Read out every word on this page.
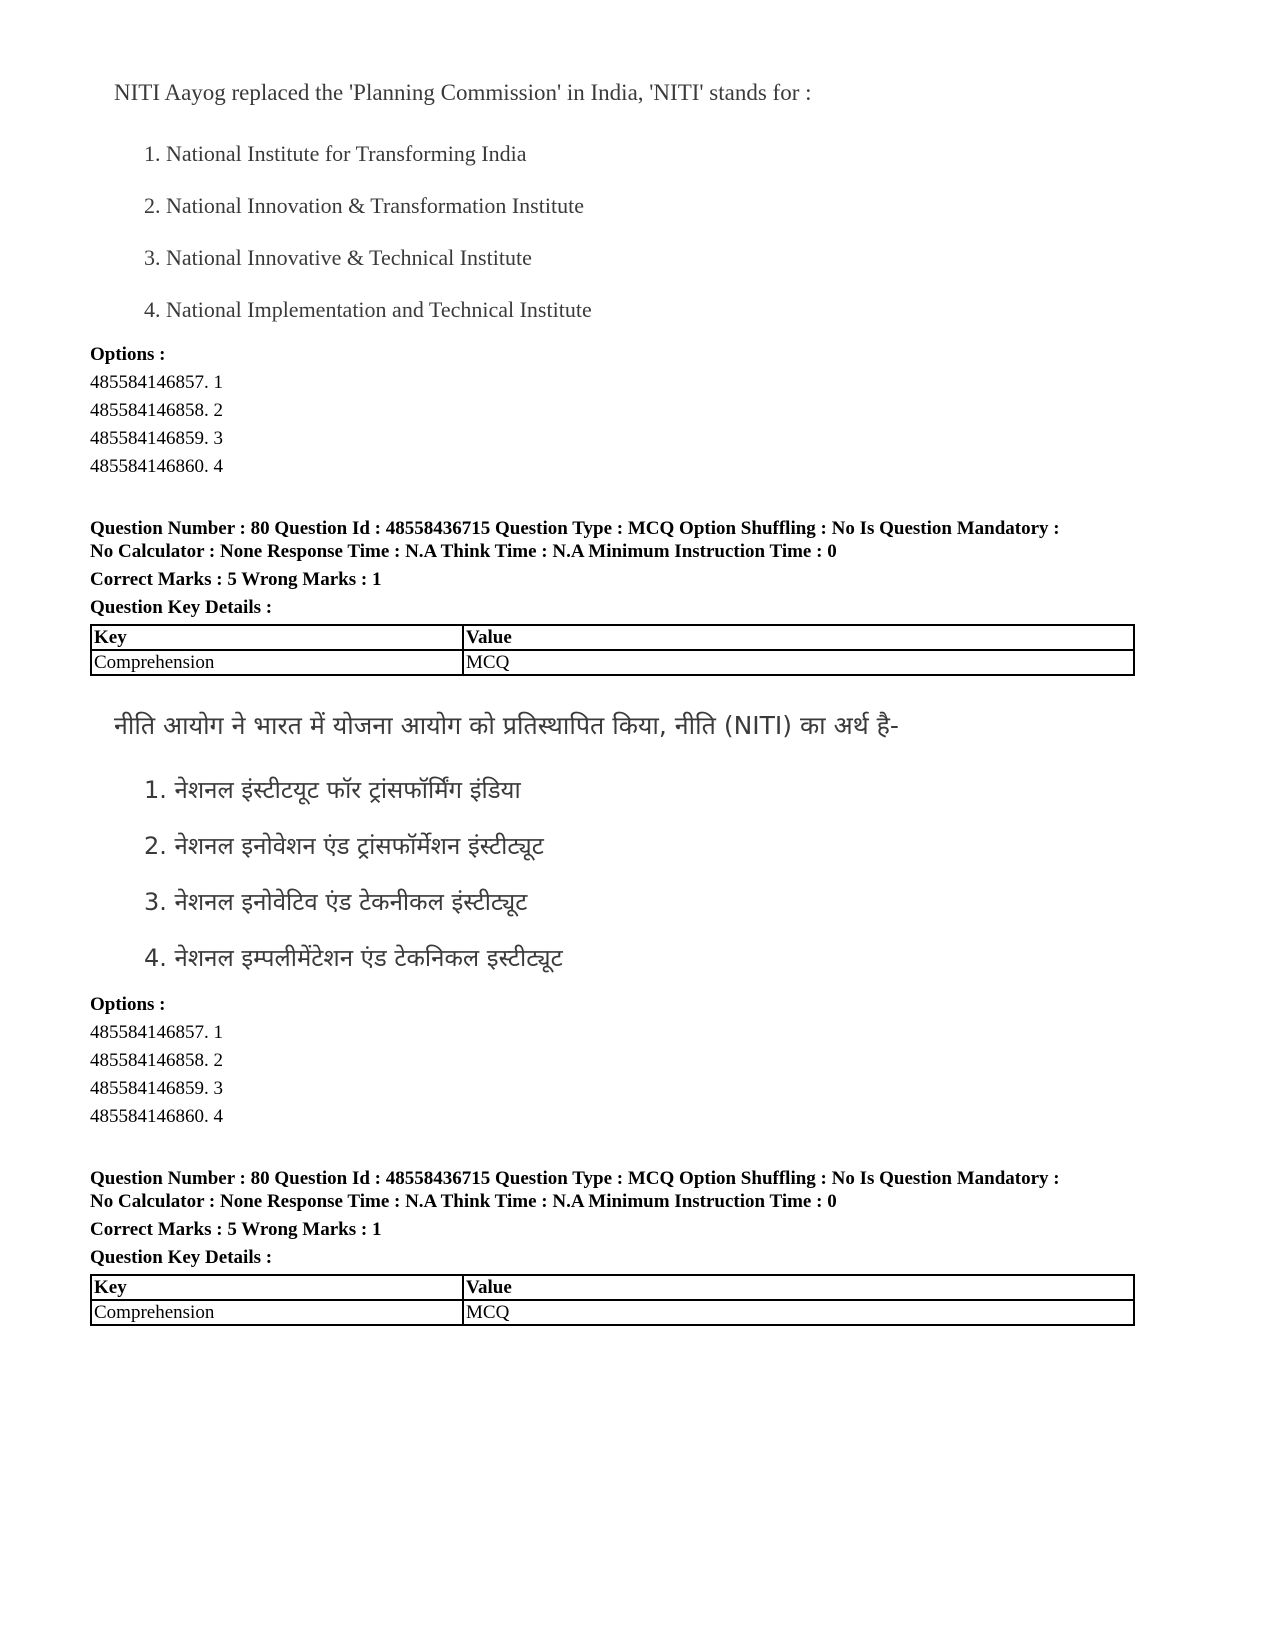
NITI Aayog replaced the 'Planning Commission' in India, 'NITI' stands for :
1. National Institute for Transforming India
2. National Innovation & Transformation Institute
3. National Innovative & Technical Institute
4. National Implementation and Technical Institute
Options :
485584146857. 1
485584146858. 2
485584146859. 3
485584146860. 4
Question Number : 80 Question Id : 48558436715 Question Type : MCQ Option Shuffling : No Is Question Mandatory :
No Calculator : None Response Time : N.A Think Time : N.A Minimum Instruction Time : 0
Correct Marks : 5 Wrong Marks : 1
Question Key Details :
Key	Value
Comprehension	MCQ
नीति आयोग ने भारत में योजना आयोग को प्रतिस्थापित किया, नीति (NITI) का अर्थ है-
1. नेशनल इंस्टीटयूट फॉर ट्रांसफॉर्मिंग इंडिया
2. नेशनल इनोवेशन एंड ट्रांसफॉर्मेशन इंस्टीट्यूट
3. नेशनल इनोवेटिव एंड टेकनीकल इंस्टीट्यूट
4. नेशनल इम्पलीमेंटेशन एंड टेकनिकल इस्टीट्यूट
Options :
485584146857. 1
485584146858. 2
485584146859. 3
485584146860. 4
Question Number : 80 Question Id : 48558436715 Question Type : MCQ Option Shuffling : No Is Question Mandatory :
No Calculator : None Response Time : N.A Think Time : N.A Minimum Instruction Time : 0
Correct Marks : 5 Wrong Marks : 1
Question Key Details :
Key	Value
Comprehension	MCQ
